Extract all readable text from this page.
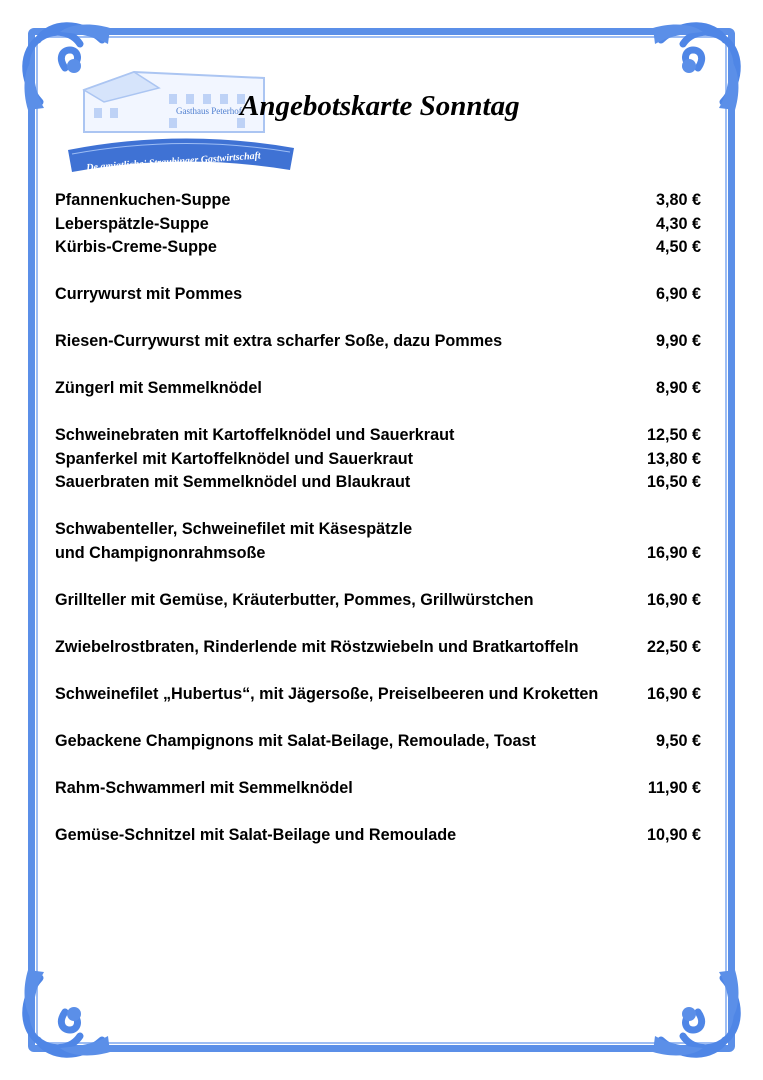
Gasthaus Peterhof
De gmiatliche' Straubinger Gastwirtschaft
Angebotskarte Sonntag
Pfannenkuchen-Suppe	3,80 €
Leberspätzle-Suppe	4,30 €
Kürbis-Creme-Suppe	4,50 €
Currywurst mit Pommes	6,90 €
Riesen-Currywurst mit extra scharfer Soße, dazu Pommes	9,90 €
Züngerl mit Semmelknödel	8,90 €
Schweinebraten mit Kartoffelknödel und Sauerkraut	12,50 €
Spanferkel mit Kartoffelknödel und Sauerkraut	13,80 €
Sauerbraten mit Semmelknödel und Blaukraut	16,50 €
Schwabenteller, Schweinefilet mit Käsespätzle
und Champignonrahmsoße	16,90 €
Grillteller mit Gemüse, Kräuterbutter, Pommes, Grillwürstchen	16,90 €
Zwiebelrostbraten, Rinderlende mit Röstzwiebeln und Bratkartoffeln	22,50 €
Schweinefilet „Hubertus“, mit Jägersoße, Preiselbeeren und Kroketten	16,90 €
Gebackene Champignons mit Salat-Beilage, Remoulade, Toast	9,50 €
Rahm-Schwammerl mit Semmelknödel	11,90 €
Gemüse-Schnitzel mit Salat-Beilage und Remoulade	10,90 €
